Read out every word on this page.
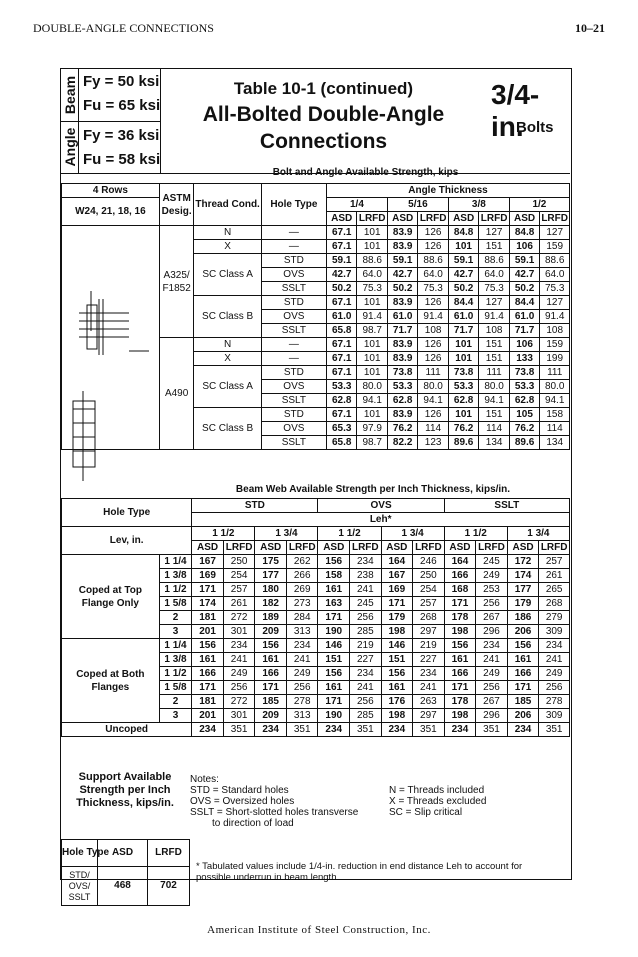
DOUBLE-ANGLE CONNECTIONS	10–21
Beam
Angle
Fy = 50 ksi
Fu = 65 ksi
Fy = 36 ksi
Fu = 58 ksi
Table 10-1 (continued)
All-Bolted Double-Angle
Connections
3/4-in.
Bolts
Bolt and Angle Available Strength, kips
4 Rows	ASTM Desig.	Thread Cond.	Hole Type	Angle Thickness							
W24, 21, 18, 16				1/4		5/16		3/8		1/2	
				ASD	LRFD	ASD	LRFD	ASD	LRFD	ASD	LRFD
	A325/ F1852	N	—	67.1	101	83.9	126	84.8	127	84.8	127
		X	—	67.1	101	83.9	126	101	151	106	159
		SC Class A	STD	59.1	88.6	59.1	88.6	59.1	88.6	59.1	88.6
			OVS	42.7	64.0	42.7	64.0	42.7	64.0	42.7	64.0
			SSLT	50.2	75.3	50.2	75.3	50.2	75.3	50.2	75.3
		SC Class B	STD	67.1	101	83.9	126	84.4	127	84.4	127
			OVS	61.0	91.4	61.0	91.4	61.0	91.4	61.0	91.4
			SSLT	65.8	98.7	71.7	108	71.7	108	71.7	108
	A490	N	—	67.1	101	83.9	126	101	151	106	159
		X	—	67.1	101	83.9	126	101	151	133	199
		SC Class A	STD	67.1	101	73.8	111	73.8	111	73.8	111
			OVS	53.3	80.0	53.3	80.0	53.3	80.0	53.3	80.0
			SSLT	62.8	94.1	62.8	94.1	62.8	94.1	62.8	94.1
		SC Class B	STD	67.1	101	83.9	126	101	151	105	158
			OVS	65.3	97.9	76.2	114	76.2	114	76.2	114
			SSLT	65.8	98.7	82.2	123	89.6	134	89.6	134
Beam Web Available Strength per Inch Thickness, kips/in.
Hole Type		STD				OVS				SSLT			
		Leh*											
Lev, in.		1 1/2		1 3/4		1 1/2		1 3/4		1 1/2		1 3/4	
		ASD	LRFD	ASD	LRFD	ASD	LRFD	ASD	LRFD	ASD	LRFD	ASD	LRFD
Coped at Top Flange Only	1 1/4	167	250	175	262	156	234	164	246	164	245	172	257
	1 3/8	169	254	177	266	158	238	167	250	166	249	174	261
	1 1/2	171	257	180	269	161	241	169	254	168	253	177	265
	1 5/8	174	261	182	273	163	245	171	257	171	256	179	268
	2	181	272	189	284	171	256	179	268	178	267	186	279
	3	201	301	209	313	190	285	198	297	198	296	206	309
Coped at Both Flanges	1 1/4	156	234	156	234	146	219	146	219	156	234	156	234
	1 3/8	161	241	161	241	151	227	151	227	161	241	161	241
	1 1/2	166	249	166	249	156	234	156	234	166	249	166	249
	1 5/8	171	256	171	256	161	241	161	241	171	256	171	256
	2	181	272	185	278	171	256	176	263	178	267	185	278
	3	201	301	209	313	190	285	198	297	198	296	206	309
Uncoped		234	351	234	351	234	351	234	351	234	351	234	351
Support Available Strength per Inch Thickness, kips/in.
Notes:
STD = Standard holes
OVS = Oversized holes
SSLT = Short-slotted holes transverse
to direction of load
N = Threads included
X = Threads excluded
SC = Slip critical
Hole Type	ASD	LRFD
STD/ OVS/ SSLT	468	702
* Tabulated values include 1/4-in. reduction in end distance Leh to account for possible underrun in beam length.
American Institute of Steel Construction, Inc.
